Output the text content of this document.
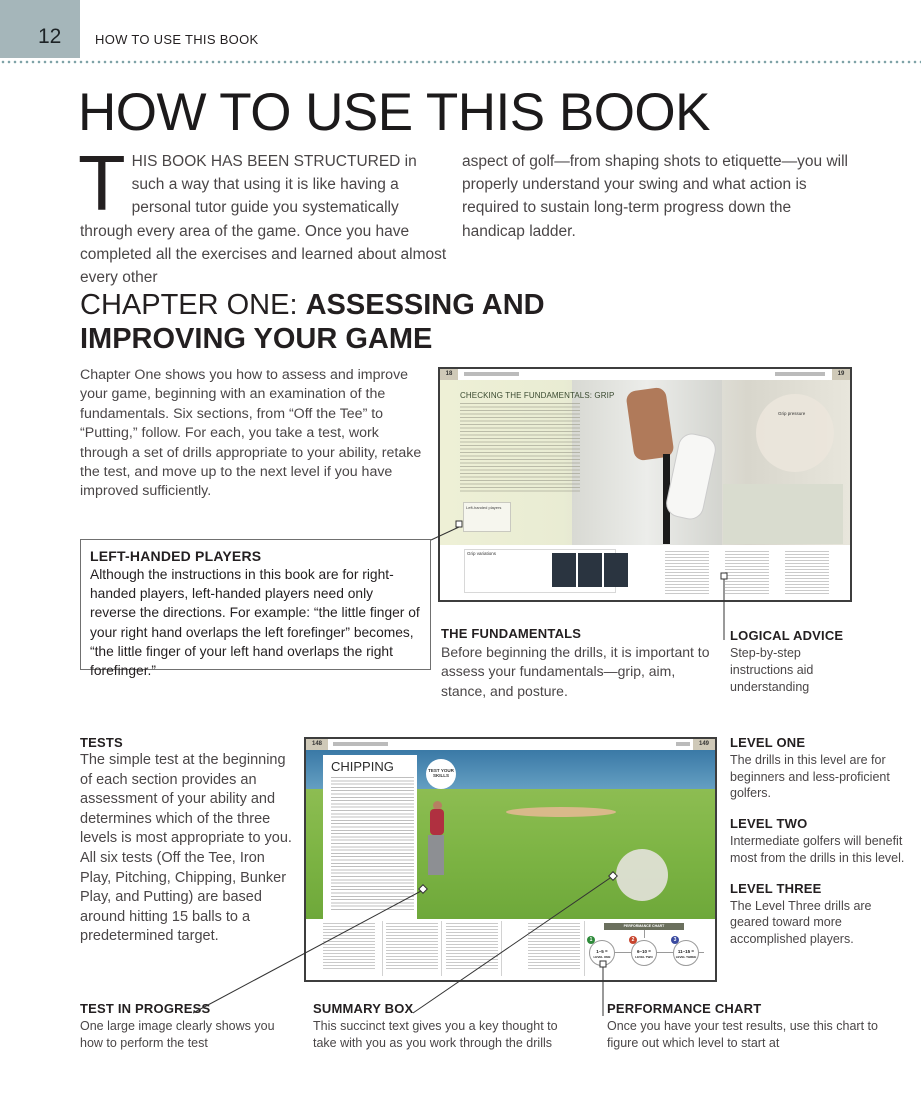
12	HOW TO USE THIS BOOK
HOW TO USE THIS BOOK
T HIS BOOK HAS BEEN STRUCTURED in such a way that using it is like having a personal tutor guide you systematically through every area of the game. Once you have completed all the exercises and learned about almost every other
aspect of golf—from shaping shots to etiquette—you will properly understand your swing and what action is required to sustain long-term progress down the handicap ladder.
CHAPTER ONE: ASSESSING AND IMPROVING YOUR GAME

Chapter One shows you how to assess and improve your game, beginning with an examination of the fundamentals. Six sections, from “Off the Tee” to “Putting,” follow. For each, you take a test, work through a set of drills appropriate to your ability, retake the test, and move up to the next level if you have improved sufficiently.

LEFT-HANDED PLAYERS
Although the instructions in this book are for right-handed players, left-handed players need only reverse the directions. For example: “the little finger of your right hand overlaps the left forefinger” becomes, “the little finger of your left hand overlaps the right forefinger.”
18	19
CHECKING THE FUNDAMENTALS: GRIP
Left-handed players
Grip pressure
Grip variations
THE FUNDAMENTALS
Before beginning the drills, it is important to assess your fundamentals—grip, aim, stance, and posture.
LOGICAL ADVICE
Step-by-step instructions aid understanding
TESTS
The simple test at the beginning of each section provides an assessment of your ability and determines which of the three levels is most appropriate to you. All six tests (Off the Tee, Iron Play, Pitching, Chipping, Bunker Play, and Putting) are based around hitting 15 balls to a predetermined target.
CHIPPING	TEST YOUR SKILLS
148	149
PERFORMANCE CHART
1–5 =
LEVEL ONE
6–10 =
LEVEL TWO
11–15 =
LEVEL THREE
1	2	3
LEVEL ONE
The drills in this level are for beginners and less-proficient golfers.
LEVEL TWO
Intermediate golfers will benefit most from the drills in this level.
LEVEL THREE
The Level Three drills are geared toward more accomplished players.
TEST IN PROGRESS
One large image clearly shows you how to perform the test
SUMMARY BOX
This succinct text gives you a key thought to take with you as you work through the drills
PERFORMANCE CHART
Once you have your test results, use this chart to figure out which level to start at
